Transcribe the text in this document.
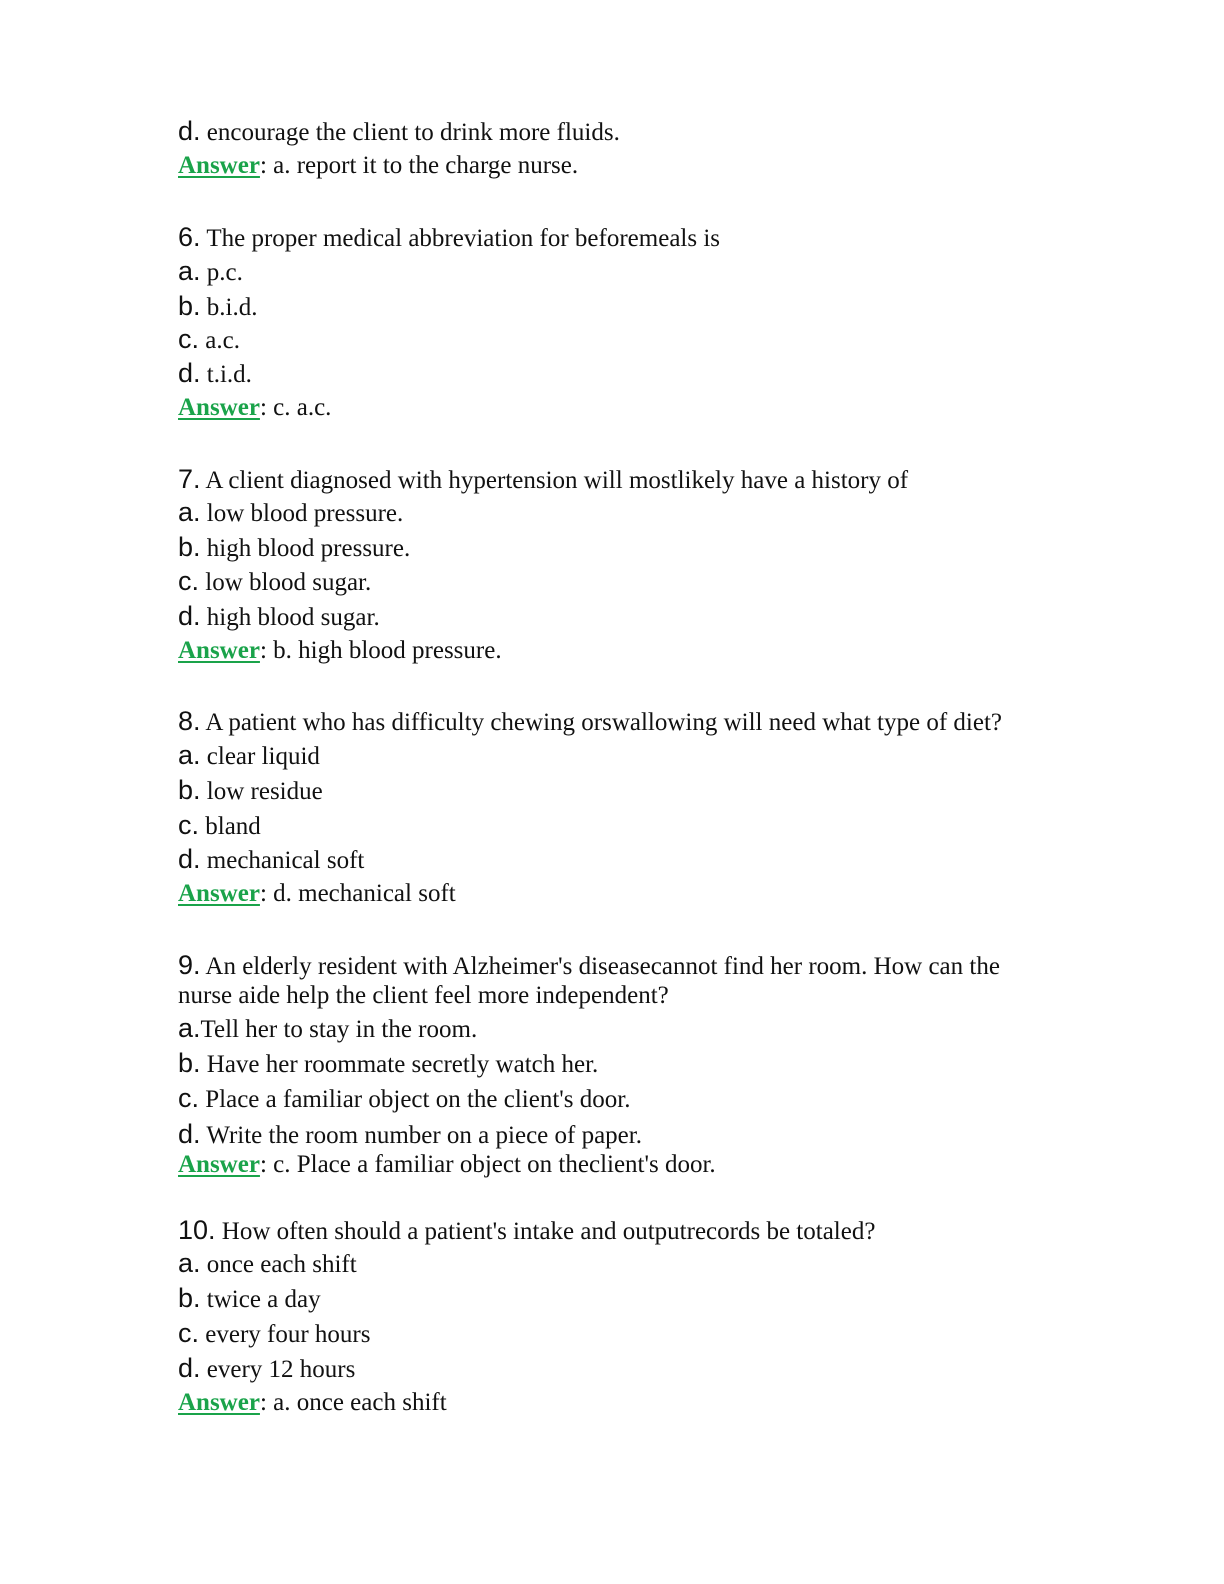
d. encourage the client to drink more fluids.
Answer: a. report it to the charge nurse.
6. The proper medical abbreviation for beforemeals is
a. p.c.
b. b.i.d.
c. a.c.
d. t.i.d.
Answer: c. a.c.
7. A client diagnosed with hypertension will mostlikely have a history of
a. low blood pressure.
b. high blood pressure.
c. low blood sugar.
d. high blood sugar.
Answer: b. high blood pressure.
8. A patient who has difficulty chewing orswallowing will need what type of diet?
a. clear liquid
b. low residue
c. bland
d. mechanical soft
Answer: d. mechanical soft
9. An elderly resident with Alzheimer's diseasecannot find her room. How can the
nurse aide help the client feel more independent?
a.Tell her to stay in the room.
b. Have her roommate secretly watch her.
c. Place a familiar object on the client's door.
d. Write the room number on a piece of paper.
Answer: c. Place a familiar object on theclient's door.
10. How often should a patient's intake and outputrecords be totaled?
a. once each shift
b. twice a day
c. every four hours
d. every 12 hours
Answer: a. once each shift
